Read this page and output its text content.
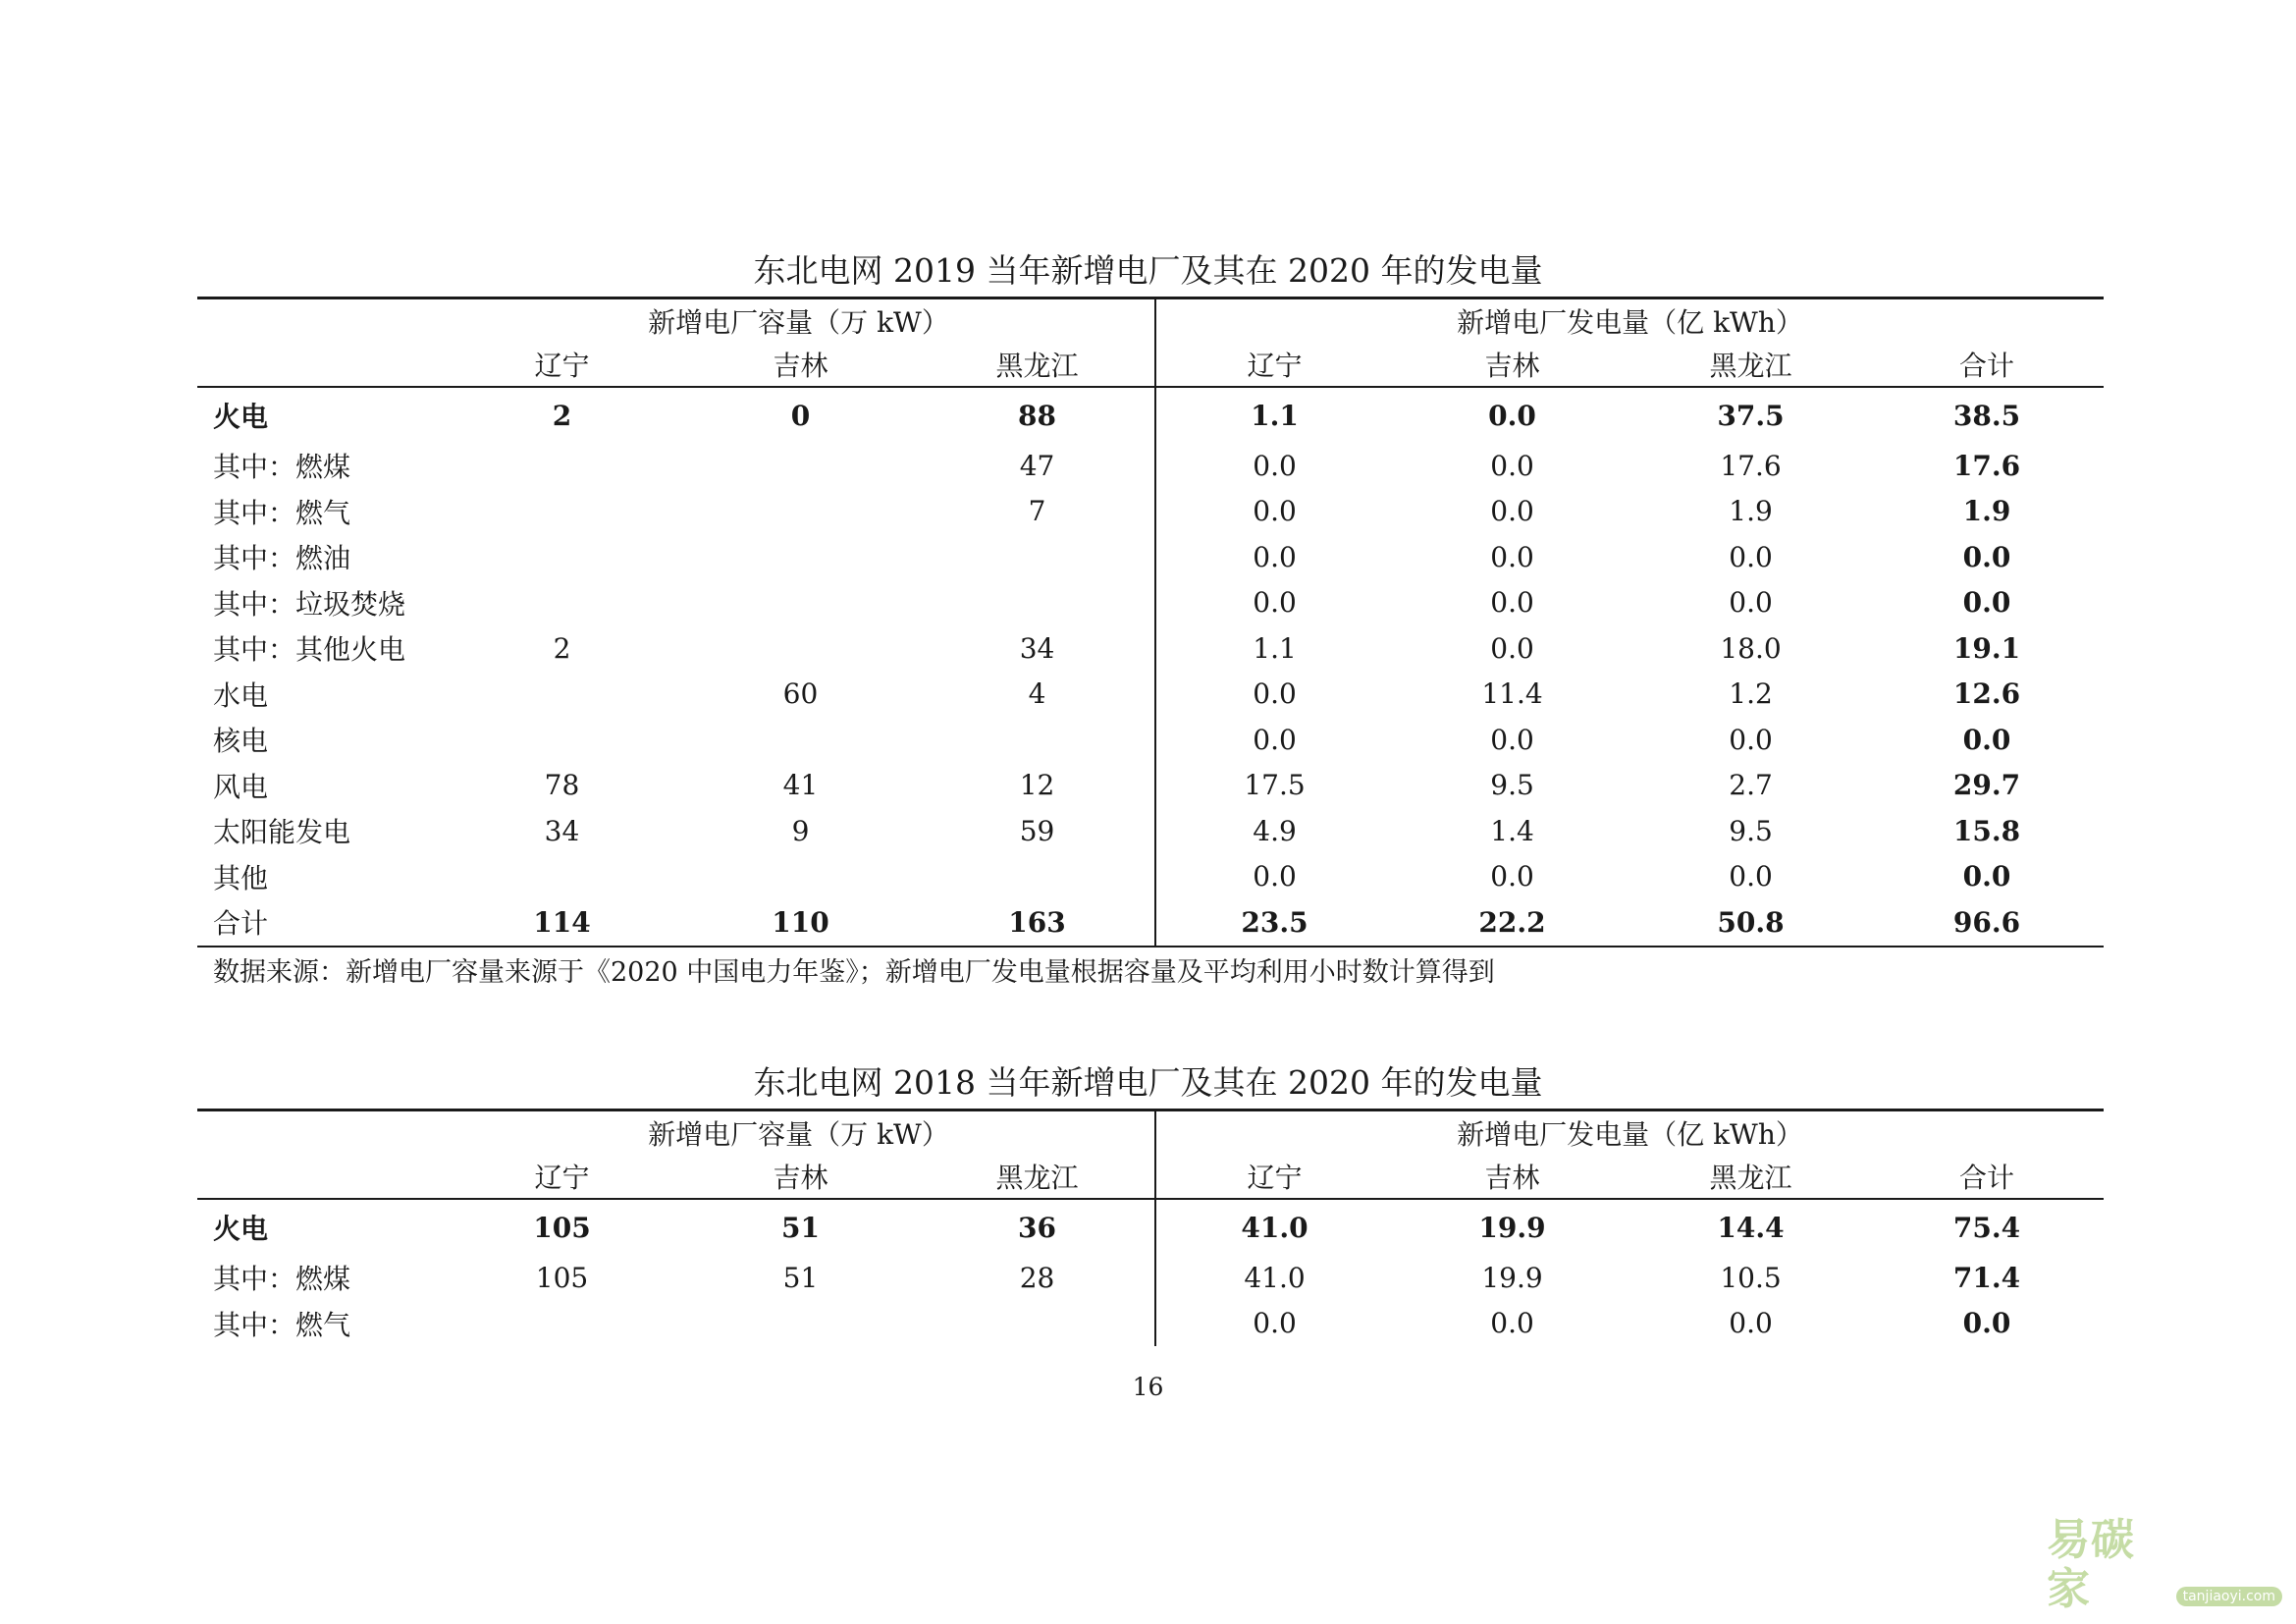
东北电网 2019 当年新增电厂及其在 2020 年的发电量
	新增电厂容量（万 kW）			新增电厂发电量（亿 kWh）			
	辽宁	吉林	黑龙江	辽宁	吉林	黑龙江	合计
火电	2	0	88	1.1	0.0	37.5	38.5
其中：燃煤			47	0.0	0.0	17.6	17.6
其中：燃气			7	0.0	0.0	1.9	1.9
其中：燃油				0.0	0.0	0.0	0.0
其中：垃圾焚烧				0.0	0.0	0.0	0.0
其中：其他火电	2		34	1.1	0.0	18.0	19.1
水电		60	4	0.0	11.4	1.2	12.6
核电				0.0	0.0	0.0	0.0
风电	78	41	12	17.5	9.5	2.7	29.7
太阳能发电	34	9	59	4.9	1.4	9.5	15.8
其他				0.0	0.0	0.0	0.0
合计	114	110	163	23.5	22.2	50.8	96.6
数据来源：新增电厂容量来源于《2020 中国电力年鉴》；新增电厂发电量根据容量及平均利用小时数计算得到
东北电网 2018 当年新增电厂及其在 2020 年的发电量
	新增电厂容量（万 kW）			新增电厂发电量（亿 kWh）			
	辽宁	吉林	黑龙江	辽宁	吉林	黑龙江	合计
火电	105	51	36	41.0	19.9	14.4	75.4
其中：燃煤	105	51	28	41.0	19.9	10.5	71.4
其中：燃气				0.0	0.0	0.0	0.0
16
易碳家	tanjiaoyi.com
